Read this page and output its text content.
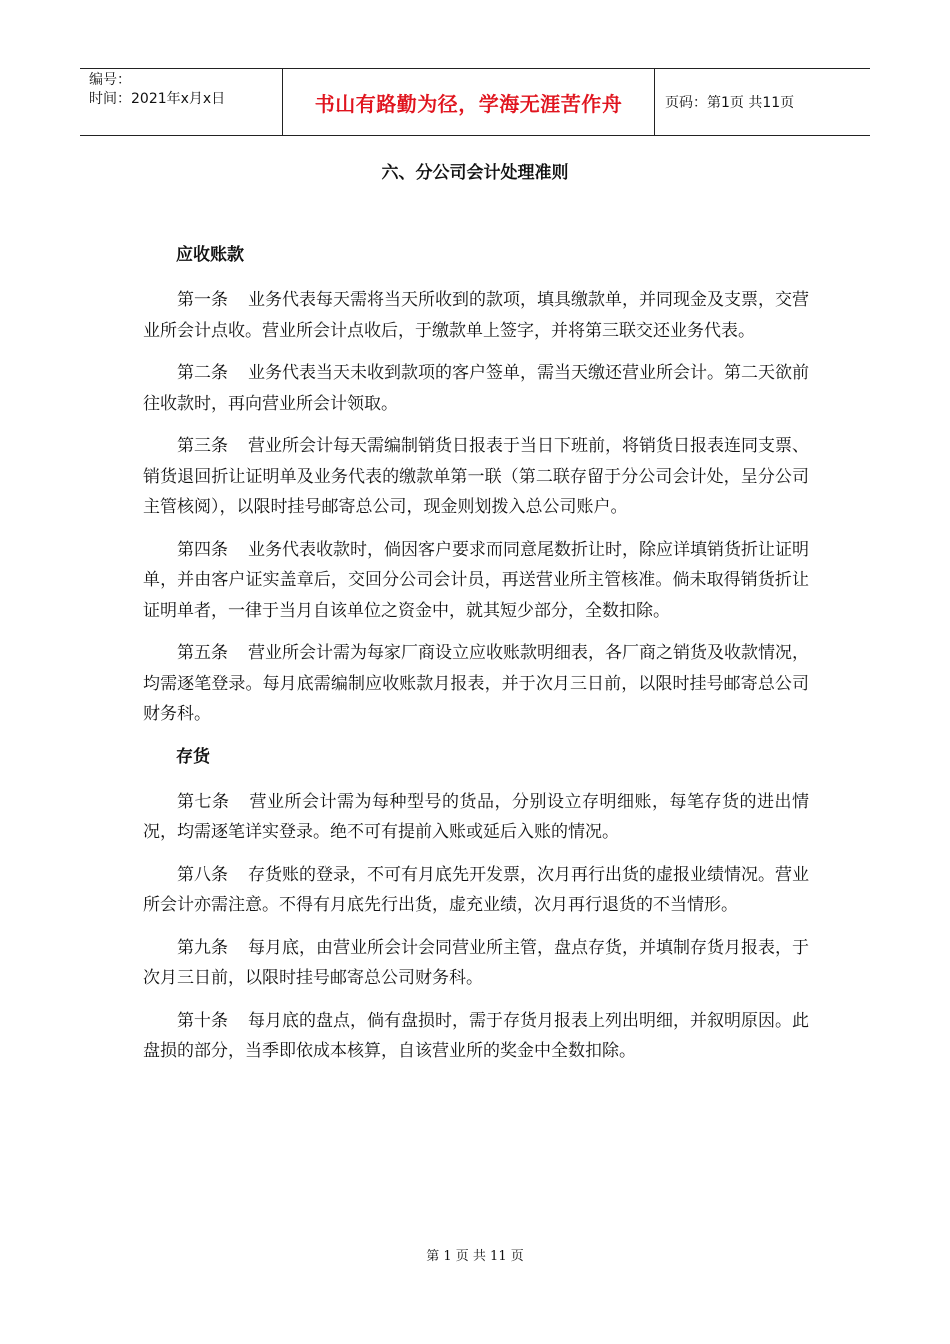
编号：
时间：2021年x月x日	书山有路勤为径，学海无涯苦作舟	页码：第1页 共11页
六、分公司会计处理准则
应收账款

第一条 业务代表每天需将当天所收到的款项，填具缴款单，并同现金及支票，交营业所会计点收。营业所会计点收后，于缴款单上签字，并将第三联交还业务代表。

第二条 业务代表当天未收到款项的客户签单，需当天缴还营业所会计。第二天欲前往收款时，再向营业所会计领取。

第三条 营业所会计每天需编制销货日报表于当日下班前，将销货日报表连同支票、销货退回折让证明单及业务代表的缴款单第一联（第二联存留于分公司会计处，呈分公司主管核阅），以限时挂号邮寄总公司，现金则划拨入总公司账户。

第四条 业务代表收款时，倘因客户要求而同意尾数折让时，除应详填销货折让证明单，并由客户证实盖章后，交回分公司会计员，再送营业所主管核准。倘未取得销货折让证明单者，一律于当月自该单位之资金中，就其短少部分，全数扣除。

第五条 营业所会计需为每家厂商设立应收账款明细表，各厂商之销货及收款情况，均需逐笔登录。每月底需编制应收账款月报表，并于次月三日前，以限时挂号邮寄总公司财务科。

存货

第七条 营业所会计需为每种型号的货品，分别设立存明细账，每笔存货的进出情况，均需逐笔详实登录。绝不可有提前入账或延后入账的情况。

第八条 存货账的登录，不可有月底先开发票，次月再行出货的虚报业绩情况。营业所会计亦需注意。不得有月底先行出货，虚充业绩，次月再行退货的不当情形。

第九条 每月底，由营业所会计会同营业所主管，盘点存货，并填制存货月报表，于次月三日前，以限时挂号邮寄总公司财务科。

第十条 每月底的盘点，倘有盘损时，需于存货月报表上列出明细，并叙明原因。此盘损的部分，当季即依成本核算，自该营业所的奖金中全数扣除。

第 1 页 共 11 页
